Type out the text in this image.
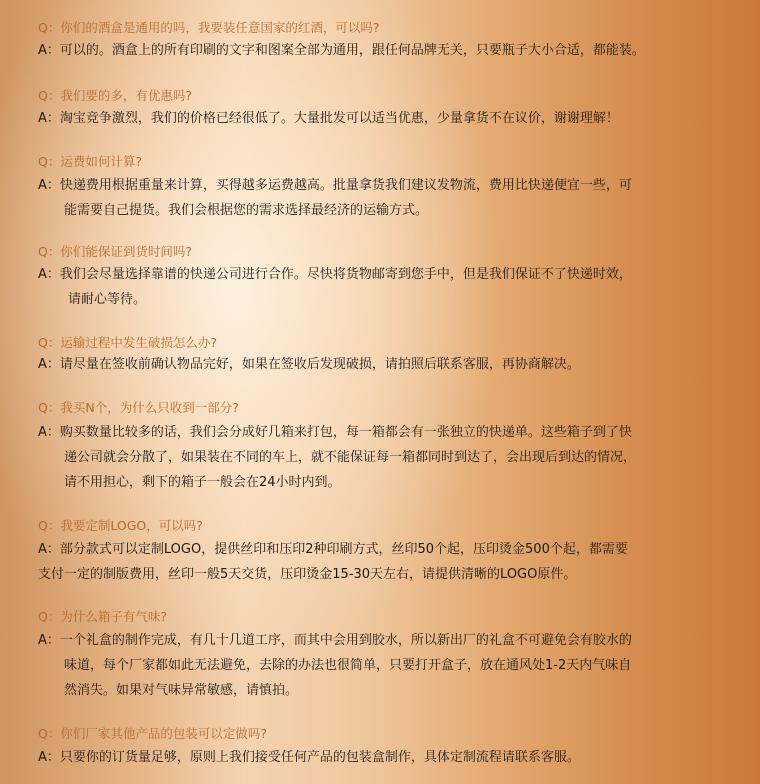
Q：你们的酒盒是通用的吗，我要装任意国家的红酒，可以吗?
A：可以的。酒盒上的所有印刷的文字和图案全部为通用，跟任何品牌无关，只要瓶子大小合适，都能装。
Q：我们要的多，有优惠吗?
A：淘宝竞争激烈，我们的价格已经很低了。大量批发可以适当优惠，少量拿货不在议价，谢谢理解！
Q：运费如何计算?
A：快递费用根据重量来计算，买得越多运费越高。批量拿货我们建议发物流，费用比快递便宜一些，可
能需要自己提货。我们会根据您的需求选择最经济的运输方式。
Q：你们能保证到货时间吗?
A：我们会尽量选择靠谱的快递公司进行合作。尽快将货物邮寄到您手中，但是我们保证不了快递时效，
请耐心等待。
Q：运输过程中发生破损怎么办?
A：请尽量在签收前确认物品完好，如果在签收后发现破损，请拍照后联系客服，再协商解决。
Q：我买N个，为什么只收到一部分?
A：购买数量比较多的话，我们会分成好几箱来打包，每一箱都会有一张独立的快递单。这些箱子到了快
递公司就会分散了，如果装在不同的车上，就不能保证每一箱都同时到达了，会出现后到达的情况，
请不用担心，剩下的箱子一般会在24小时内到。
Q：我要定制LOGO，可以吗?
A：部分款式可以定制LOGO，提供丝印和压印2种印刷方式，丝印50个起，压印烫金500个起，都需要
支付一定的制版费用，丝印一般5天交货，压印烫金15-30天左右，请提供清晰的LOGO原件。
Q：为什么箱子有气味?
A：一个礼盒的制作完成，有几十几道工序，而其中会用到胶水，所以新出厂的礼盒不可避免会有胶水的
味道，每个厂家都如此无法避免，去除的办法也很简单，只要打开盒子，放在通风处1-2天内气味自
然消失。如果对气味异常敏感，请慎拍。
Q：你们厂家其他产品的包装可以定做吗?
A：只要你的订货量足够，原则上我们接受任何产品的包装盒制作，具体定制流程请联系客服。
